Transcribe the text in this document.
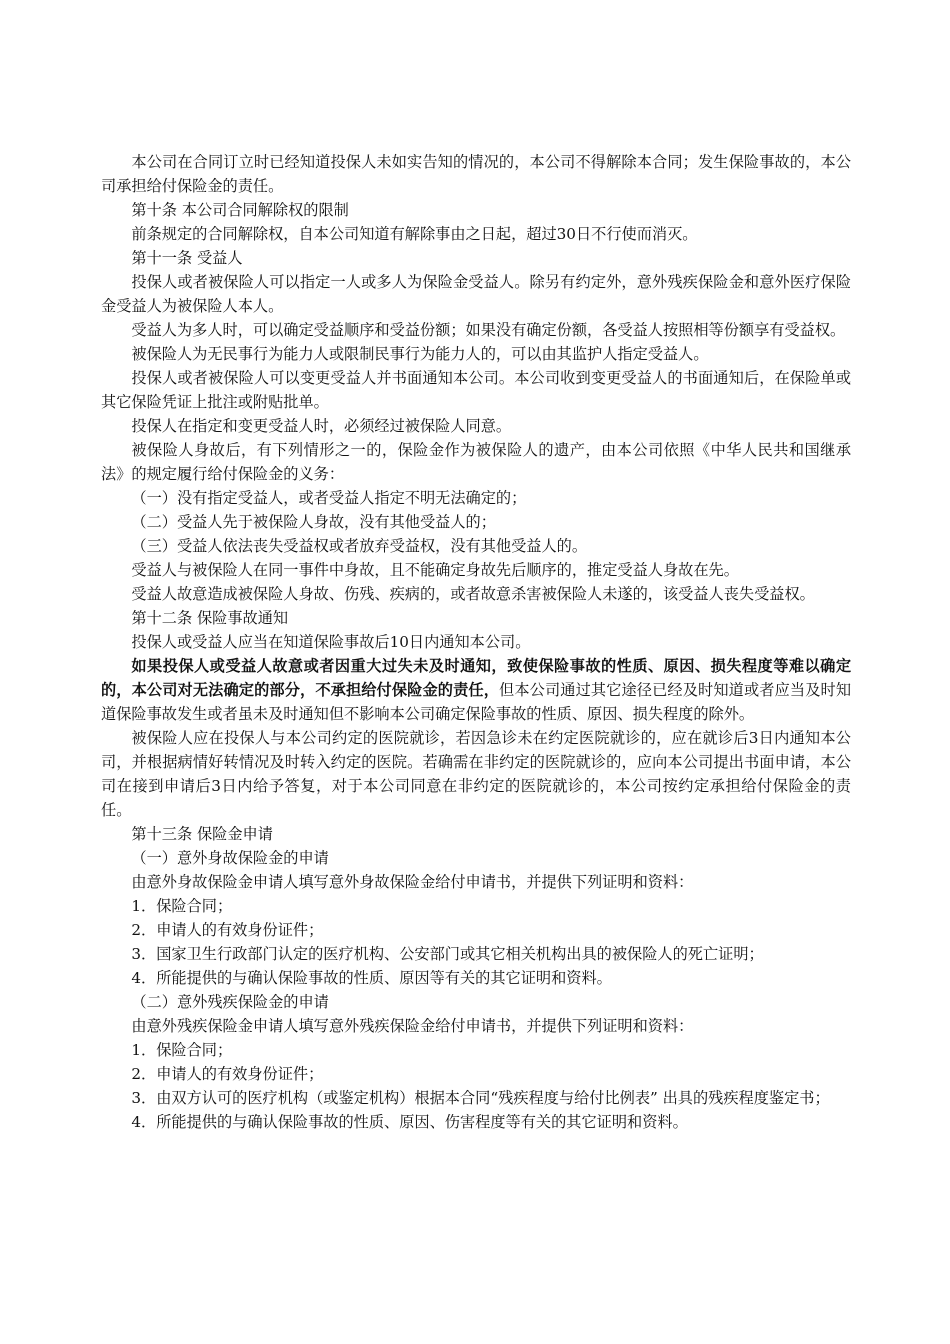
本公司在合同订立时已经知道投保人未如实告知的情况的，本公司不得解除本合同；发生保险事故的，本公司承担给付保险金的责任。

第十条 本公司合同解除权的限制

前条规定的合同解除权，自本公司知道有解除事由之日起，超过30日不行使而消灭。

第十一条 受益人

投保人或者被保险人可以指定一人或多人为保险金受益人。除另有约定外，意外残疾保险金和意外医疗保险金受益人为被保险人本人。

受益人为多人时，可以确定受益顺序和受益份额；如果没有确定份额，各受益人按照相等份额享有受益权。

被保险人为无民事行为能力人或限制民事行为能力人的，可以由其监护人指定受益人。

投保人或者被保险人可以变更受益人并书面通知本公司。本公司收到变更受益人的书面通知后，在保险单或其它保险凭证上批注或附贴批单。

投保人在指定和变更受益人时，必须经过被保险人同意。

被保险人身故后，有下列情形之一的，保险金作为被保险人的遗产，由本公司依照《中华人民共和国继承法》的规定履行给付保险金的义务：

（一）没有指定受益人，或者受益人指定不明无法确定的；

（二）受益人先于被保险人身故，没有其他受益人的；

（三）受益人依法丧失受益权或者放弃受益权，没有其他受益人的。

受益人与被保险人在同一事件中身故，且不能确定身故先后顺序的，推定受益人身故在先。

受益人故意造成被保险人身故、伤残、疾病的，或者故意杀害被保险人未遂的，该受益人丧失受益权。

第十二条 保险事故通知

投保人或受益人应当在知道保险事故后10日内通知本公司。

如果投保人或受益人故意或者因重大过失未及时通知，致使保险事故的性质、原因、损失程度等难以确定的，本公司对无法确定的部分，不承担给付保险金的责任，但本公司通过其它途径已经及时知道或者应当及时知道保险事故发生或者虽未及时通知但不影响本公司确定保险事故的性质、原因、损失程度的除外。

被保险人应在投保人与本公司约定的医院就诊，若因急诊未在约定医院就诊的，应在就诊后3日内通知本公司，并根据病情好转情况及时转入约定的医院。若确需在非约定的医院就诊的，应向本公司提出书面申请，本公司在接到申请后3日内给予答复，对于本公司同意在非约定的医院就诊的，本公司按约定承担给付保险金的责任。

第十三条 保险金申请

（一）意外身故保险金的申请

由意外身故保险金申请人填写意外身故保险金给付申请书，并提供下列证明和资料：

1．保险合同；

2．申请人的有效身份证件；

3．国家卫生行政部门认定的医疗机构、公安部门或其它相关机构出具的被保险人的死亡证明；

4．所能提供的与确认保险事故的性质、原因等有关的其它证明和资料。

（二）意外残疾保险金的申请

由意外残疾保险金申请人填写意外残疾保险金给付申请书，并提供下列证明和资料：

1．保险合同；

2．申请人的有效身份证件；

3．由双方认可的医疗机构（或鉴定机构）根据本合同“残疾程度与给付比例表” 出具的残疾程度鉴定书；

4．所能提供的与确认保险事故的性质、原因、伤害程度等有关的其它证明和资料。
